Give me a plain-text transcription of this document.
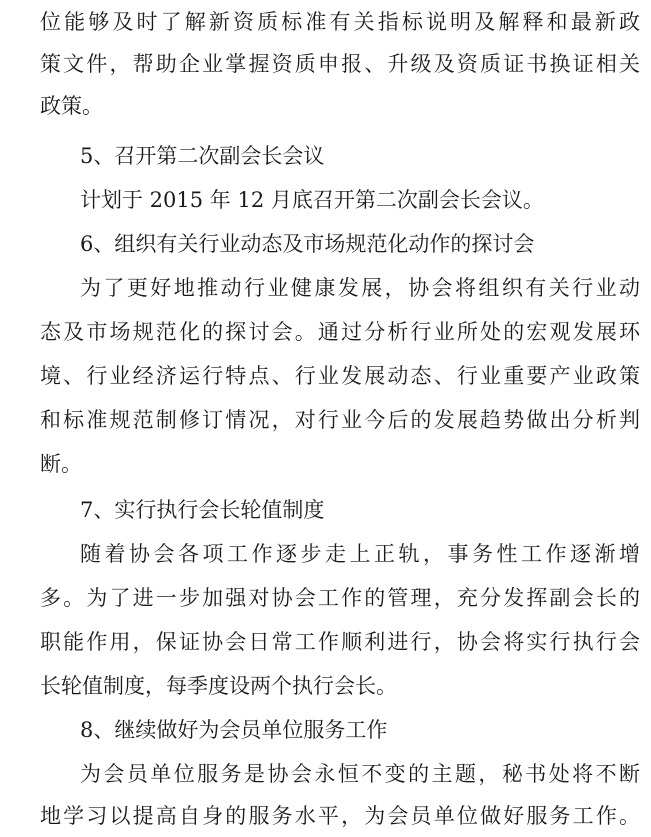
位能够及时了解新资质标准有关指标说明及解释和最新政
策文件，帮助企业掌握资质申报、升级及资质证书换证相关
政策。
5、召开第二次副会长会议
计划于 2015 年 12 月底召开第二次副会长会议。
6、组织有关行业动态及市场规范化动作的探讨会
为了更好地推动行业健康发展，协会将组织有关行业动
态及市场规范化的探讨会。通过分析行业所处的宏观发展环
境、行业经济运行特点、行业发展动态、行业重要产业政策
和标准规范制修订情况，对行业今后的发展趋势做出分析判
断。
7、实行执行会长轮值制度
随着协会各项工作逐步走上正轨，事务性工作逐渐增
多。为了进一步加强对协会工作的管理，充分发挥副会长的
职能作用，保证协会日常工作顺利进行，协会将实行执行会
长轮值制度，每季度设两个执行会长。
8、继续做好为会员单位服务工作
为会员单位服务是协会永恒不变的主题，秘书处将不断
地学习以提高自身的服务水平，为会员单位做好服务工作。
